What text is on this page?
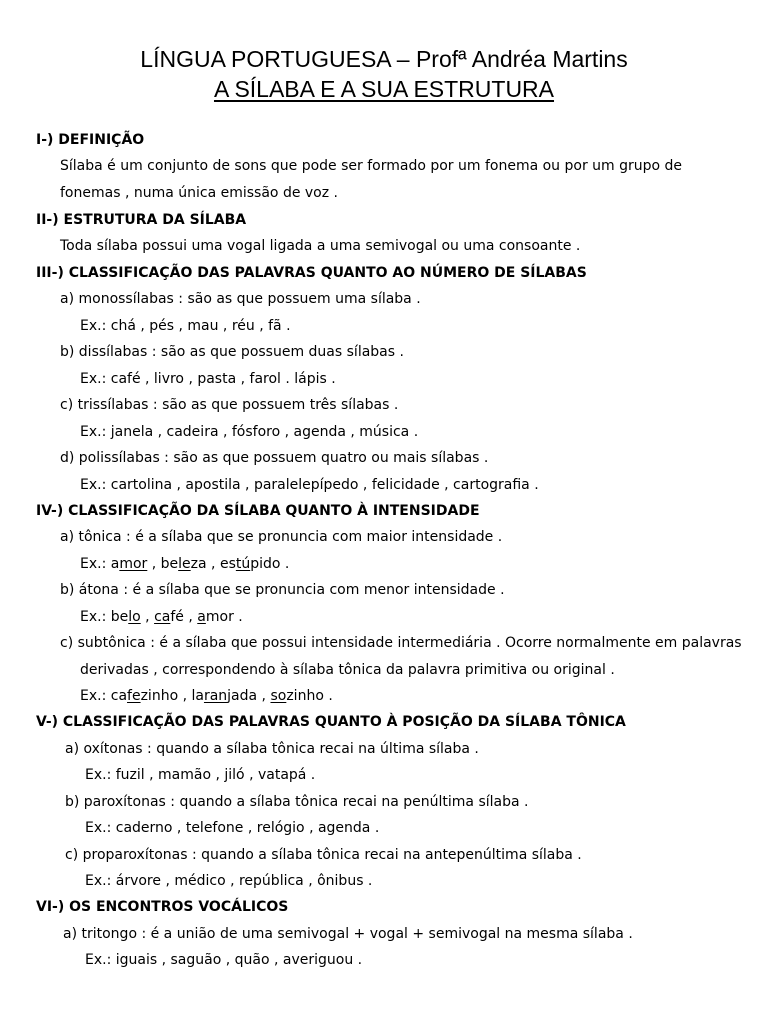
LÍNGUA PORTUGUESA – Profª Andréa Martins
A SÍLABA E A SUA ESTRUTURA
I-) DEFINIÇÃO
Sílaba é um conjunto de sons que pode ser formado por um fonema ou por um grupo de
fonemas , numa única emissão de voz .
II-) ESTRUTURA DA SÍLABA
Toda sílaba possui uma vogal ligada a uma semivogal ou uma consoante .
III-) CLASSIFICAÇÃO DAS PALAVRAS QUANTO AO NÚMERO DE SÍLABAS
a) monossílabas : são as que possuem uma sílaba .
Ex.: chá , pés , mau , réu , fã .
b) dissílabas : são as que possuem duas sílabas .
Ex.: café , livro , pasta , farol . lápis .
c) trissílabas : são as que possuem três sílabas .
Ex.: janela , cadeira , fósforo , agenda , música .
d) polissílabas : são as que possuem quatro ou mais sílabas .
Ex.: cartolina , apostila , paralelepípedo , felicidade , cartografia .
IV-) CLASSIFICAÇÃO DA SÍLABA QUANTO À INTENSIDADE
a) tônica : é a sílaba que se pronuncia com maior intensidade .
Ex.: amor , beleza , estúpido .
b) átona : é a sílaba que se pronuncia com menor intensidade .
Ex.: belo , café , amor .
c) subtônica : é a sílaba que possui intensidade intermediária . Ocorre normalmente em palavras
derivadas , correspondendo à sílaba tônica da palavra primitiva ou original .
Ex.: cafezinho , laranjada , sozinho .
V-) CLASSIFICAÇÃO DAS PALAVRAS QUANTO À POSIÇÃO DA SÍLABA TÔNICA
a) oxítonas : quando a sílaba tônica recai na última sílaba .
Ex.: fuzil , mamão , jiló , vatapá .
b) paroxítonas : quando a sílaba tônica recai na penúltima sílaba .
Ex.: caderno , telefone , relógio , agenda .
c) proparoxítonas : quando a sílaba tônica recai na antepenúltima sílaba .
Ex.: árvore , médico , república , ônibus .
VI-) OS ENCONTROS VOCÁLICOS
a) tritongo : é a união de uma semivogal + vogal + semivogal na mesma sílaba .
Ex.: iguais , saguão , quão , averiguou .
